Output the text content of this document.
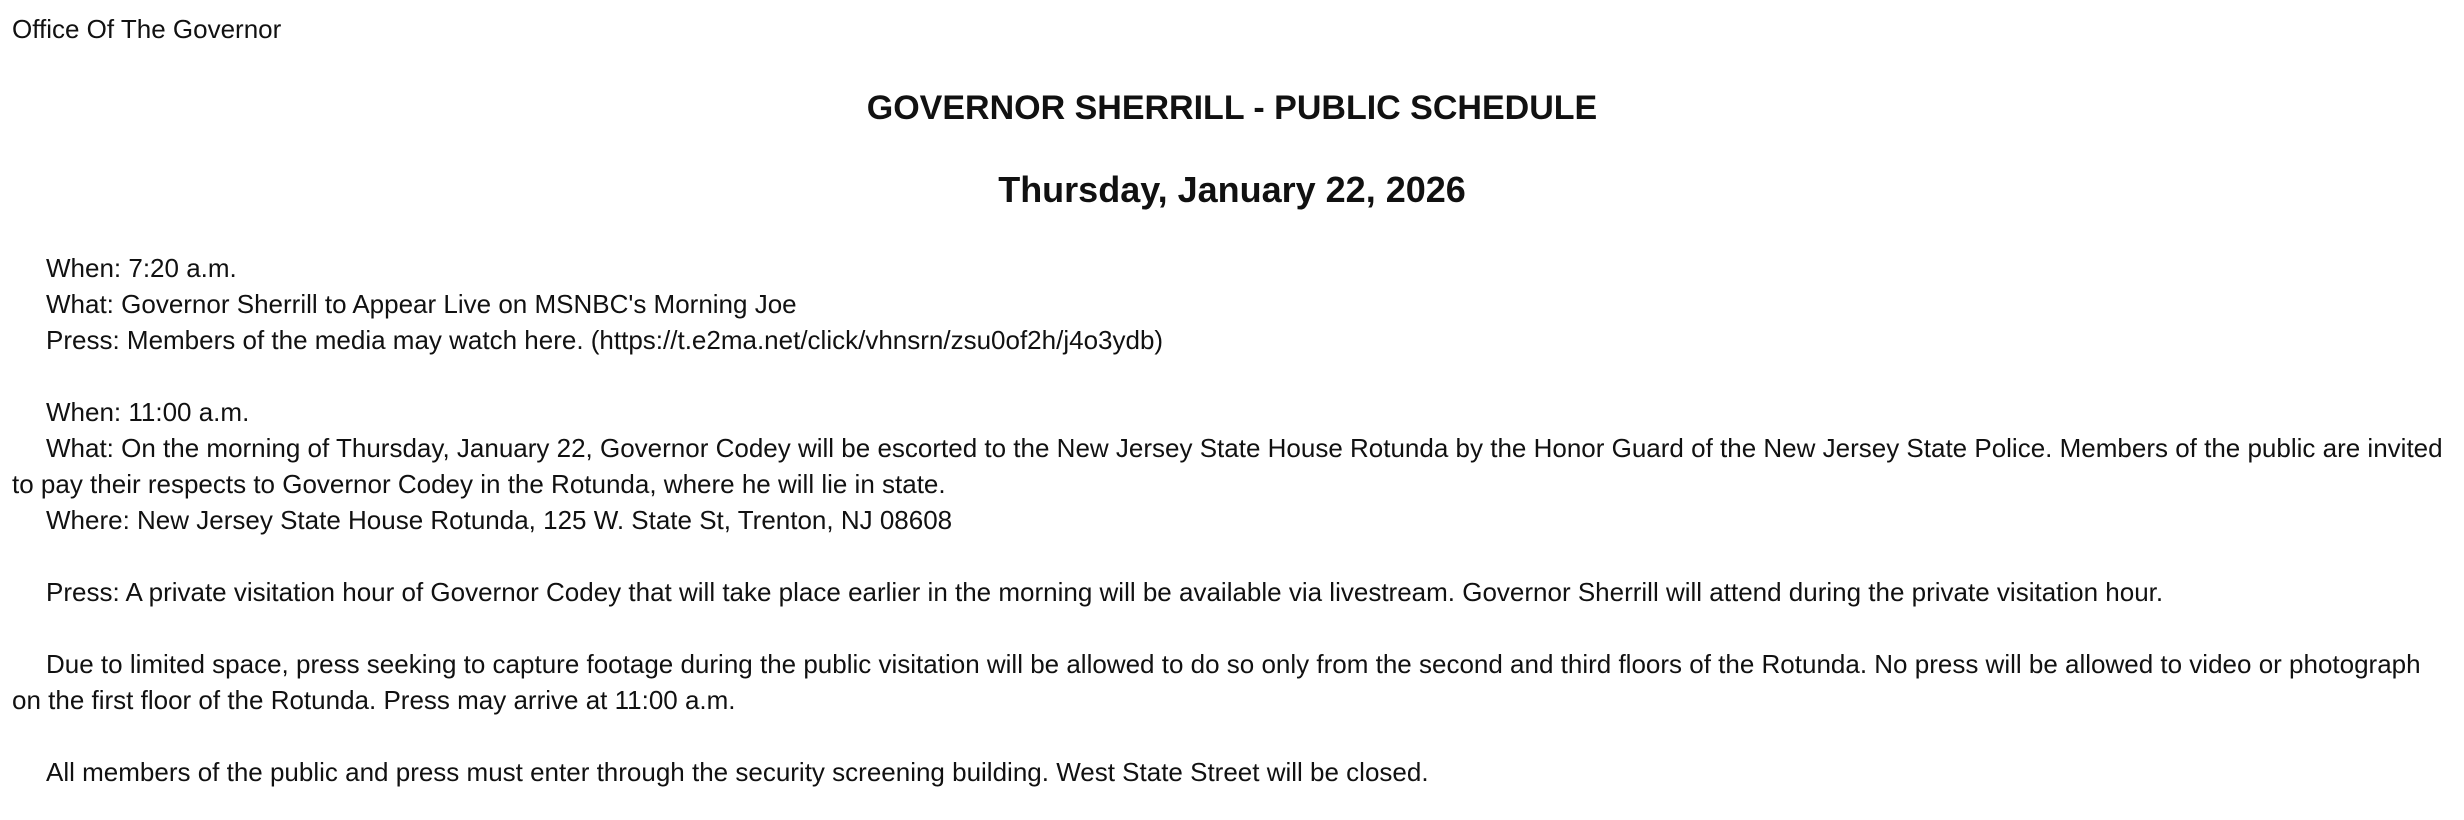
Office Of The Governor
GOVERNOR SHERRILL - PUBLIC SCHEDULE
Thursday, January 22, 2026

When: 7:20 a.m.

What: Governor Sherrill to Appear Live on MSNBC's Morning Joe

Press: Members of the media may watch here. (https://t.e2ma.net/click/vhnsrn/zsu0of2h/j4o3ydb)

When: 11:00 a.m.

What: On the morning of Thursday, January 22, Governor Codey will be escorted to the New Jersey State House Rotunda by the Honor Guard of the New Jersey State Police. Members of the public are invited to pay their respects to Governor Codey in the Rotunda, where he will lie in state.

Where: New Jersey State House Rotunda, 125 W. State St, Trenton, NJ 08608

Press: A private visitation hour of Governor Codey that will take place earlier in the morning will be available via livestream. Governor Sherrill will attend during the private visitation hour.

Due to limited space, press seeking to capture footage during the public visitation will be allowed to do so only from the second and third floors of the Rotunda. No press will be allowed to video or photograph on the first floor of the Rotunda. Press may arrive at 11:00 a.m.

All members of the public and press must enter through the security screening building. West State Street will be closed.
